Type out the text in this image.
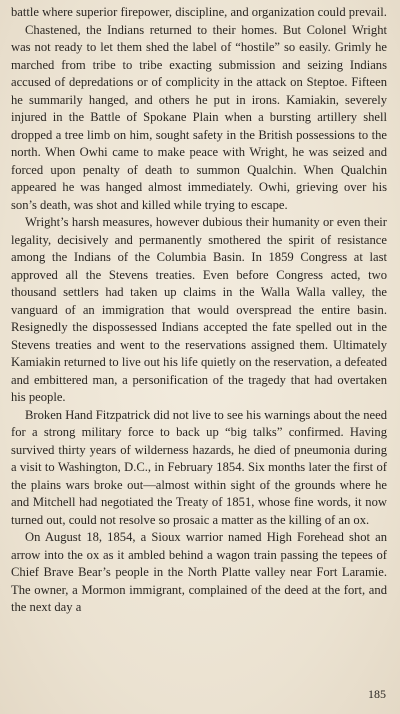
battle where superior firepower, discipline, and organization could prevail.

Chastened, the Indians returned to their homes. But Colonel Wright was not ready to let them shed the label of “hostile” so easily. Grimly he marched from tribe to tribe exacting submission and seizing Indians accused of depredations or of complicity in the attack on Steptoe. Fifteen he summarily hanged, and others he put in irons. Kamiakin, severely injured in the Battle of Spokane Plain when a bursting artillery shell dropped a tree limb on him, sought safety in the British possessions to the north. When Owhi came to make peace with Wright, he was seized and forced upon penalty of death to summon Qualchin. When Qualchin appeared he was hanged almost immediately. Owhi, grieving over his son’s death, was shot and killed while trying to escape.

Wright’s harsh measures, however dubious their humanity or even their legality, decisively and permanently smothered the spirit of resistance among the Indians of the Columbia Basin. In 1859 Congress at last approved all the Stevens treaties. Even before Congress acted, two thousand settlers had taken up claims in the Walla Walla valley, the vanguard of an immigration that would overspread the entire basin. Resignedly the dispossessed Indians accepted the fate spelled out in the Stevens treaties and went to the reservations assigned them. Ultimately Kamiakin returned to live out his life quietly on the reservation, a defeated and embittered man, a personification of the tragedy that had overtaken his people.

Broken Hand Fitzpatrick did not live to see his warnings about the need for a strong military force to back up “big talks” confirmed. Having survived thirty years of wilderness hazards, he died of pneumonia during a visit to Washington, D.C., in February 1854. Six months later the first of the plains wars broke out—almost within sight of the grounds where he and Mitchell had negotiated the Treaty of 1851, whose fine words, it now turned out, could not resolve so prosaic a matter as the killing of an ox.

On August 18, 1854, a Sioux warrior named High Forehead shot an arrow into the ox as it ambled behind a wagon train passing the tepees of Chief Brave Bear’s people in the North Platte valley near Fort Laramie. The owner, a Mormon immigrant, complained of the deed at the fort, and the next day a

185
